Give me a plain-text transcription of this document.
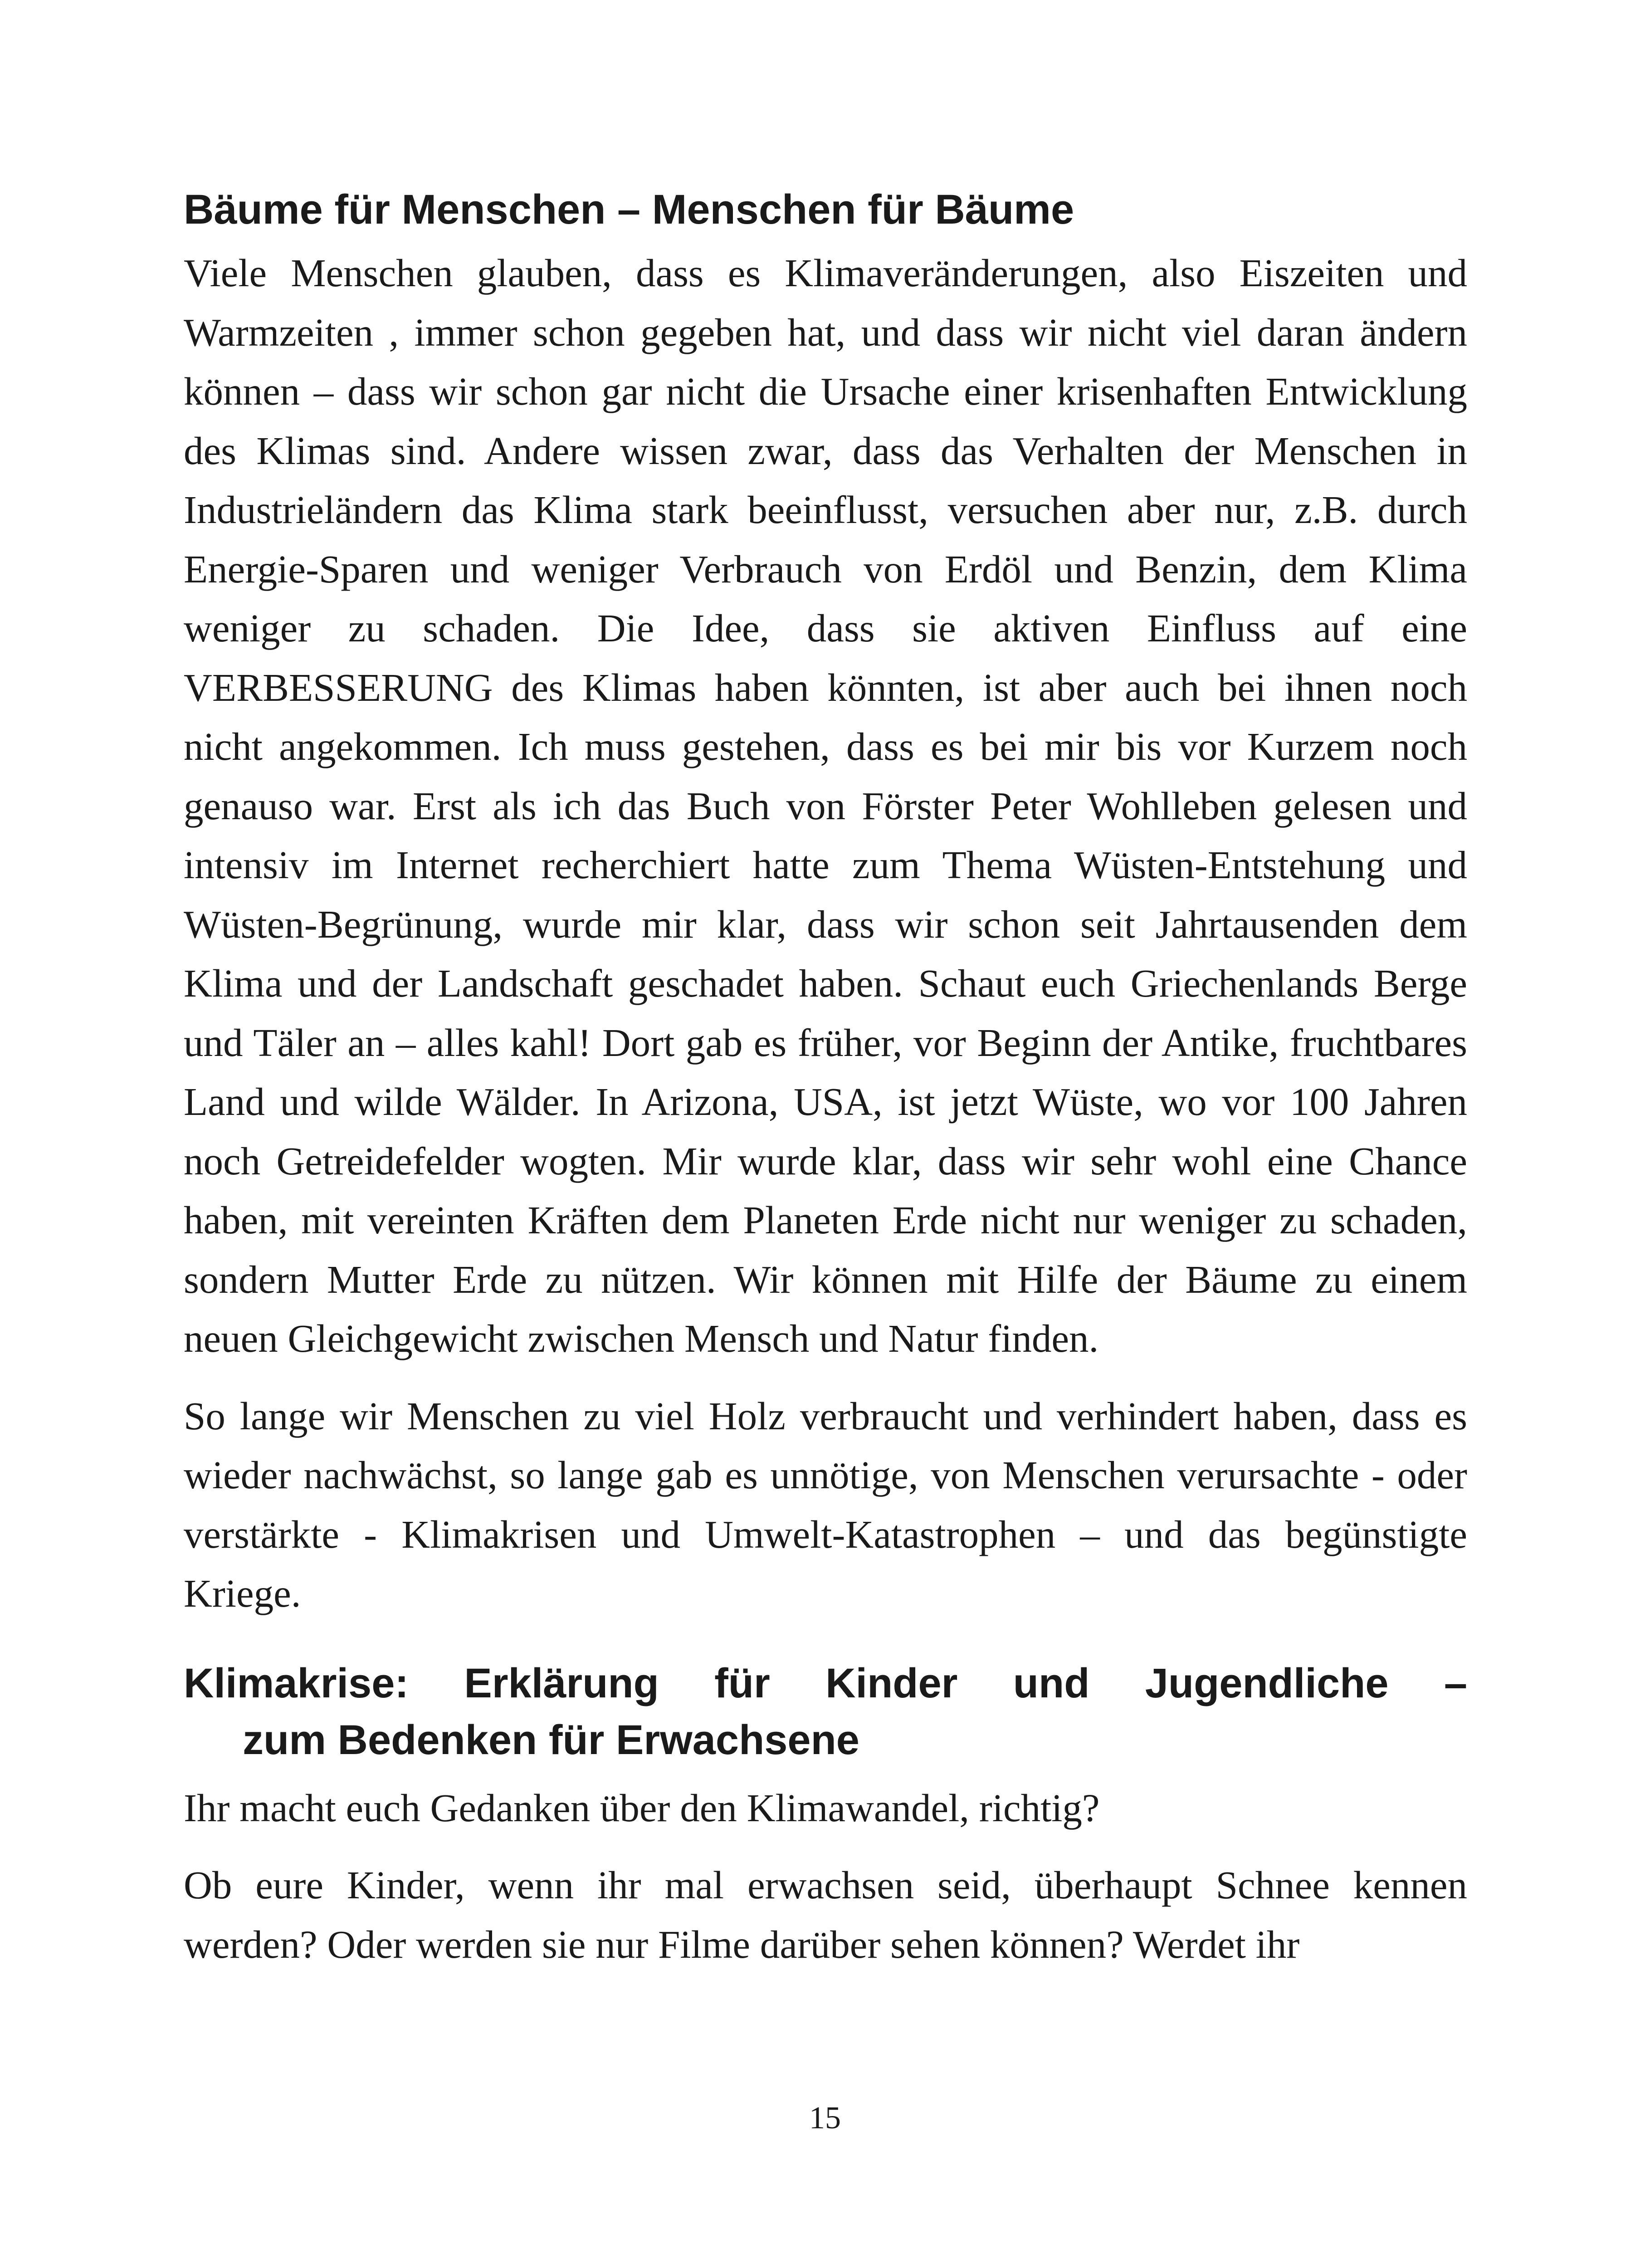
Bäume für Menschen – Menschen für Bäume

Viele Menschen glauben, dass es Klimaveränderungen, also Eiszeiten und Warmzeiten , immer schon gegeben hat, und dass wir nicht viel daran ändern können – dass wir schon gar nicht die Ursache einer krisenhaften Entwicklung des Klimas sind. Andere wissen zwar, dass das Verhalten der Menschen in Industrieländern das Klima stark beeinflusst, versuchen aber nur, z.B. durch Energie-Sparen und weniger Verbrauch von Erdöl und Benzin, dem Klima weniger zu schaden. Die Idee, dass sie aktiven Einfluss auf eine VERBESSERUNG des Klimas haben könnten, ist aber auch bei ihnen noch nicht angekommen. Ich muss gestehen, dass es bei mir bis vor Kurzem noch genauso war. Erst als ich das Buch von Förster Peter Wohlleben gelesen und intensiv im Internet recherchiert hatte zum Thema Wüsten-Entstehung und Wüsten-Begrünung, wurde mir klar, dass wir schon seit Jahrtausenden dem Klima und der Landschaft geschadet haben. Schaut euch Griechenlands Berge und Täler an – alles kahl! Dort gab es früher, vor Beginn der Antike, fruchtbares Land und wilde Wälder. In Arizona, USA, ist jetzt Wüste, wo vor 100 Jahren noch Getreidefelder wogten. Mir wurde klar, dass wir sehr wohl eine Chance haben, mit vereinten Kräften dem Planeten Erde nicht nur weniger zu schaden, sondern Mutter Erde zu nützen. Wir können mit Hilfe der Bäume zu einem neuen Gleichgewicht zwischen Mensch und Natur finden.

So lange wir Menschen zu viel Holz verbraucht und verhindert haben, dass es wieder nachwächst, so lange gab es unnötige, von Menschen verursachte - oder verstärkte - Klimakrisen und Umwelt-Katastrophen – und das begünstigte Kriege.

Klimakrise: Erklärung für Kinder und Jugendliche –
zum Bedenken für Erwachsene

Ihr macht euch Gedanken über den Klimawandel, richtig?

Ob eure Kinder, wenn ihr mal erwachsen seid, überhaupt Schnee kennen werden? Oder werden sie nur Filme darüber sehen können? Werdet ihr

15
